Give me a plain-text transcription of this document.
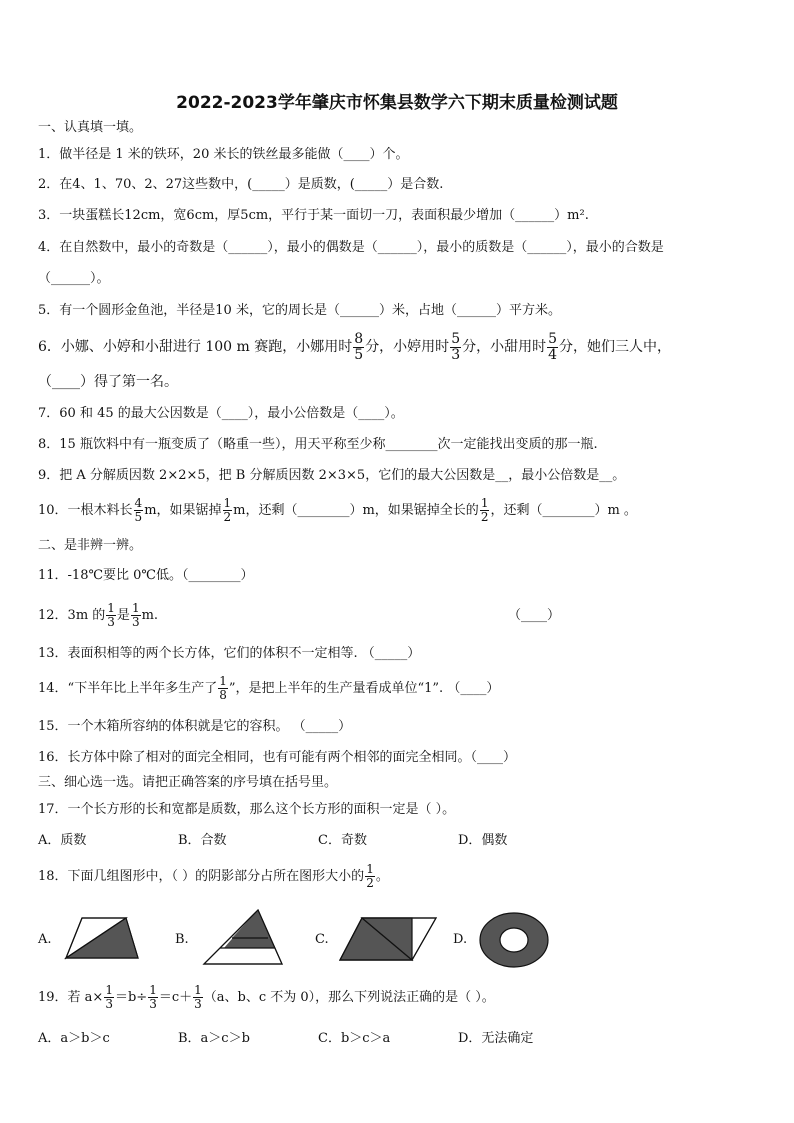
2022-2023学年肇庆市怀集县数学六下期末质量检测试题
一、认真填一填。
1．做半径是 1 米的铁环，20 米长的铁丝最多能做（____）个。
2．在4、1、70、2、27这些数中，(_____）是质数，(_____）是合数.
3．一块蛋糕长12cm，宽6cm，厚5cm，平行于某一面切一刀，表面积最少增加（______）m².
4．在自然数中，最小的奇数是（______），最小的偶数是（______），最小的质数是（______），最小的合数是
（______）。
5．有一个圆形金鱼池，半径是10 米，它的周长是（______）米，占地（______）平方米。
6．小娜、小婷和小甜进行 100 m 赛跑，小娜用时 $\frac{8}{5}$ 分，小婷用时 $\frac{5}{3}$ 分，小甜用时 $\frac{5}{4}$ 分，她们三人中，
（____）得了第一名。
7．60 和 45 的最大公因数是（____），最小公倍数是（____）。
8．15 瓶饮料中有一瓶变质了（略重一些），用天平称至少称________次一定能找出变质的那一瓶.
9．把 A 分解质因数 2×2×5，把 B 分解质因数 2×3×5，它们的最大公因数是__，最小公倍数是__。
10．一根木料长 $\frac{4}{5}$ m，如果锯掉 $\frac{1}{2}$ m，还剩（________）m，如果锯掉全长的 $\frac{1}{2}$ ，还剩（________）m 。
二、是非辨一辨。
11．-18℃要比 0℃低。（________）
12．3m 的 $\frac{1}{3}$ 是 $\frac{1}{3} m$.	（____）
13．表面积相等的两个长方体，它们的体积不一定相等. （_____）
14．“下半年比上半年多生产了 $\frac{1}{8}$ ”，是把上半年的生产量看成单位“1”. （____）
15．一个木箱所容纳的体积就是它的容积。 （_____）
16．长方体中除了相对的面完全相同，也有可能有两个相邻的面完全相同。（____）
三、细心选一选。请把正确答案的序号填在括号里。
17．一个长方形的长和宽都是质数，那么这个长方形的面积一定是（ ）。
A．质数	B．合数	C．奇数	D．偶数
18．下面几组图形中，（ ）的阴影部分占所在图形大小的 $\frac{1}{2}$ 。
A.	B.	C.	D.
19．若 $a\times \frac{1}{3} =b\div \frac{1}{3} =c+ \frac{1}{3} (a$、b、c 不为 0），那么下列说法正确的是（ ）。
A．a＞b＞c	B．a＞c＞b	C．b＞c＞a	D．无法确定
